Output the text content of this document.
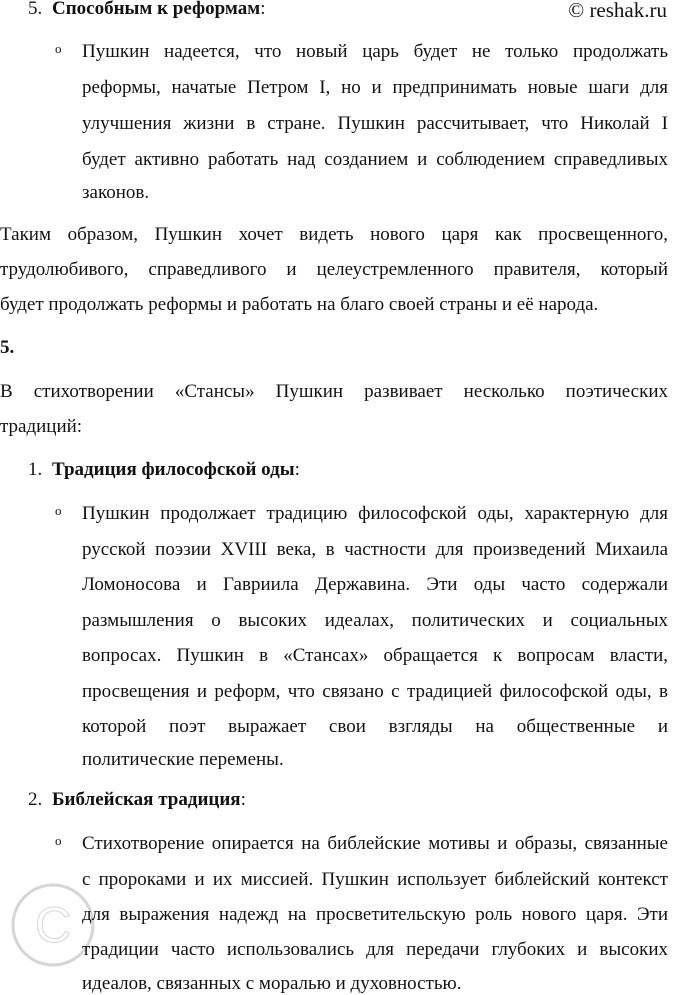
© reshak.ru
C
5. Способным к реформам:
o Пушкин надеется, что новый царь будет не только продолжать
реформы, начатые Петром I, но и предпринимать новые шаги для
улучшения жизни в стране. Пушкин рассчитывает, что Николай I
будет активно работать над созданием и соблюдением справедливых
законов.
Таким образом, Пушкин хочет видеть нового царя как просвещенного,
трудолюбивого, справедливого и целеустремленного правителя, который
будет продолжать реформы и работать на благо своей страны и её народа.
5.
В стихотворении «Стансы» Пушкин развивает несколько поэтических
традиций:
1. Традиция философской оды:
o Пушкин продолжает традицию философской оды, характерную для
русской поэзии XVIII века, в частности для произведений Михаила
Ломоносова и Гавриила Державина. Эти оды часто содержали
размышления о высоких идеалах, политических и социальных
вопросах. Пушкин в «Стансах» обращается к вопросам власти,
просвещения и реформ, что связано с традицией философской оды, в
которой поэт выражает свои взгляды на общественные и
политические перемены.
2. Библейская традиция:
o Стихотворение опирается на библейские мотивы и образы, связанные
с пророками и их миссией. Пушкин использует библейский контекст
для выражения надежд на просветительскую роль нового царя. Эти
традиции часто использовались для передачи глубоких и высоких
идеалов, связанных с моралью и духовностью.
